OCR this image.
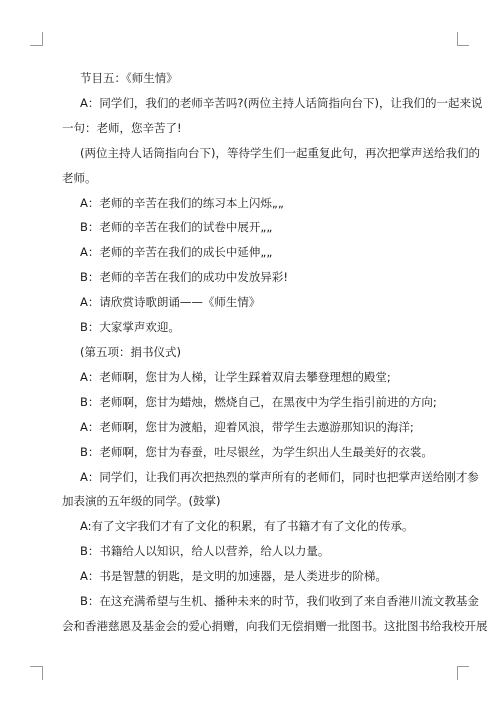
节目五：《师生情》
A：同学们，我们的老师辛苦吗?(两位主持人话筒指向台下)，让我们的一起来说
一句：老师，您辛苦了!
(两位主持人话筒指向台下)，等待学生们一起重复此句，再次把掌声送给我们的
老师。
A：老师的辛苦在我们的练习本上闪烁„„
B：老师的辛苦在我们的试卷中展开„„
A：老师的辛苦在我们的成长中延伸„„
B：老师的辛苦在我们的成功中发放异彩!
A：请欣赏诗歌朗诵——《师生情》
B：大家掌声欢迎。
(第五项：捐书仪式)
A：老师啊，您甘为人梯，让学生踩着双肩去攀登理想的殿堂;
B：老师啊，您甘为蜡烛，燃烧自己，在黑夜中为学生指引前进的方向;
A：老师啊，您甘为渡船，迎着风浪，带学生去遨游那知识的海洋;
B：老师啊，您甘为春蚕，吐尽银丝，为学生织出人生最美好的衣裳。
A：同学们，让我们再次把热烈的掌声所有的老师们，同时也把掌声送给刚才参
加表演的五年级的同学。(鼓掌)
A:有了文字我们才有了文化的积累，有了书籍才有了文化的传承。
B：书籍给人以知识，给人以营养，给人以力量。
A：书是智慧的钥匙，是文明的加速器，是人类进步的阶梯。
B：在这充满希望与生机、播种未来的时节，我们收到了来自香港川流文教基金
会和香港慈恩及基金会的爱心捐赠，向我们无偿捐赠一批图书。这批图书给我校开展
